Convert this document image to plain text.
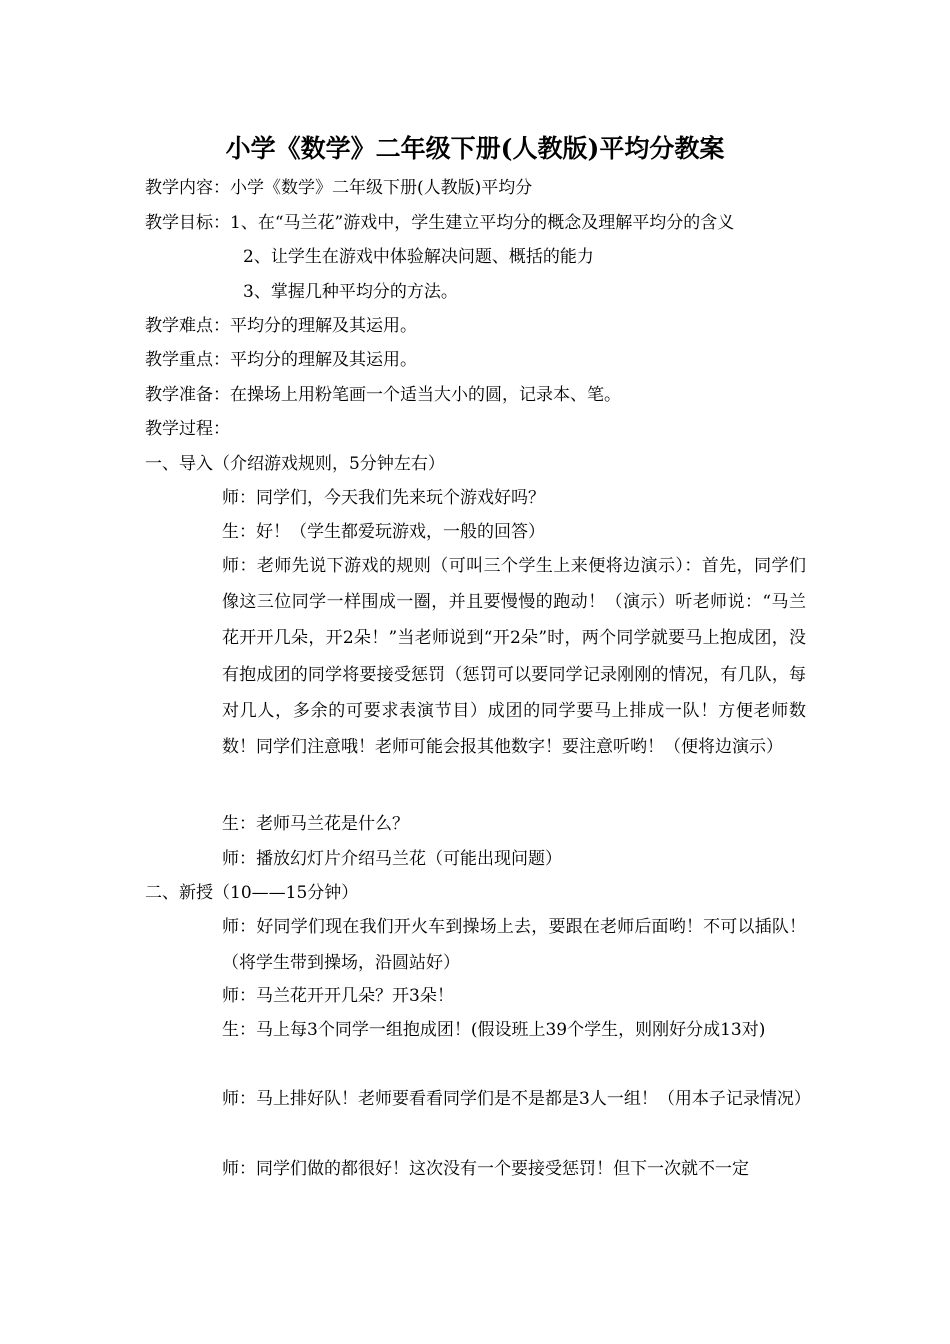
小学《数学》二年级下册(人教版)平均分教案
教学内容：小学《数学》二年级下册(人教版)平均分
教学目标：1、在“马兰花”游戏中，学生建立平均分的概念及理解平均分的含义
2、让学生在游戏中体验解决问题、概括的能力
3、掌握几种平均分的方法。
教学难点：平均分的理解及其运用。
教学重点：平均分的理解及其运用。
教学准备：在操场上用粉笔画一个适当大小的圆，记录本、笔。
教学过程：
一、导入（介绍游戏规则，5分钟左右）
师：同学们，今天我们先来玩个游戏好吗？
生：好！（学生都爱玩游戏，一般的回答）
师：老师先说下游戏的规则（可叫三个学生上来便将边演示）：首先，同学们像这三位同学一样围成一圈，并且要慢慢的跑动！（演示）听老师说：“马兰花开开几朵，开2朵！”当老师说到“开2朵”时，两个同学就要马上抱成团，没有抱成团的同学将要接受惩罚（惩罚可以要同学记录刚刚的情况，有几队，每对几人，多余的可要求表演节目）成团的同学要马上排成一队！方便老师数数！同学们注意哦！老师可能会报其他数字！要注意听哟！（便将边演示）
生：老师马兰花是什么？
师：播放幻灯片介绍马兰花（可能出现问题）
二、新授（10——15分钟）
师：好同学们现在我们开火车到操场上去，要跟在老师后面哟！不可以插队！（将学生带到操场，沿圆站好）
师：马兰花开开几朵？开3朵！
生：马上每3个同学一组抱成团！(假设班上39个学生，则刚好分成13对)
师：马上排好队！老师要看看同学们是不是都是3人一组！（用本子记录情况）
师：同学们做的都很好！这次没有一个要接受惩罚！但下一次就不一定
